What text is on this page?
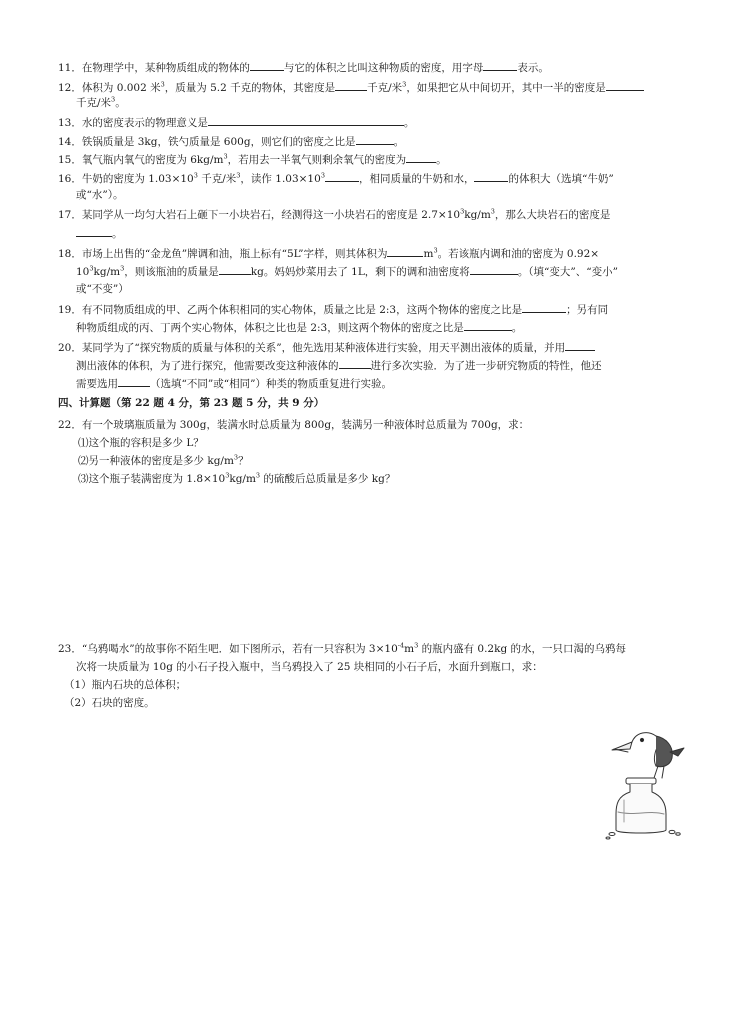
11．在物理学中，某种物质组成的物体的	与它的体积之比叫这种物质的密度，用字母	表示。
12．体积为 0.002 米$^3$，质量为 5.2 千克的物体，其密度是	千克/米$^3$，如果把它从中间切开，其中一半的密度是
千克/米$^3$。
13．水的密度表示的物理意义是	。
14．铁锅质量是 3kg，铁勺质量是 600g，则它们的密度之比是	。
15．氧气瓶内氧气的密度为 $6kg/m^3$，若用去一半氧气则剩余氧气的密度为	。
16．牛奶的密度为 $1.03\times 10^3$ 千克/米$^3$，读作 $1.03\times 10^3$	，相同质量的牛奶和水，	的体积大（选填“牛奶”
或“水”）。
17．某同学从一均匀大岩石上砸下一小块岩石，经测得这一小块岩石的密度是 $2.7\times 10^3kg/m^3$，那么大块岩石的密度是
。
18．市场上出售的“金龙鱼”牌调和油，瓶上标有“5L”字样，则其体积为	$m^3$。若该瓶内调和油的密度为 0.92×
$10^3kg/m^3$，则该瓶油的质量是	kg。妈妈炒菜用去了 1L，剩下的调和油密度将	。（填“变大”、“变小”
或“不变”）
19．有不同物质组成的甲、乙两个体积相同的实心物体，质量之比是 2:3，这两个物体的密度之比是	；另有同
种物质组成的丙、丁两个实心物体，体积之比也是 2:3，则这两个物体的密度之比是	。
20．某同学为了“探究物质的质量与体积的关系”，他先选用某种液体进行实验，用天平测出液体的质量，并用
测出液体的体积，为了进行探究，他需要改变这种液体的	进行多次实验．为了进一步研究物质的特性，他还
需要选用	（选填“不同”或“相同”）种类的物质重复进行实验。
四、计算题（第 22 题 4 分，第 23 题 5 分，共 9 分）
22．有一个玻璃瓶质量为 300g，装满水时总质量为 800g，装满另一种液体时总质量为 700g，求：
⑴这个瓶的容积是多少 L？
⑵另一种液体的密度是多少 $kg/m^3$？
⑶这个瓶子装满密度为 $1.8\times 10^3kg/m^3$ 的硫酸后总质量是多少 kg？
23．“乌鸦喝水”的故事你不陌生吧．如下图所示，若有一只容积为 $3\times 10^{-4}m^3$ 的瓶内盛有 0.2kg 的水，一只口渴的乌鸦每
次将一块质量为 10g 的小石子投入瓶中，当乌鸦投入了 25 块相同的小石子后，水面升到瓶口，求：
（1）瓶内石块的总体积；
（2）石块的密度。
